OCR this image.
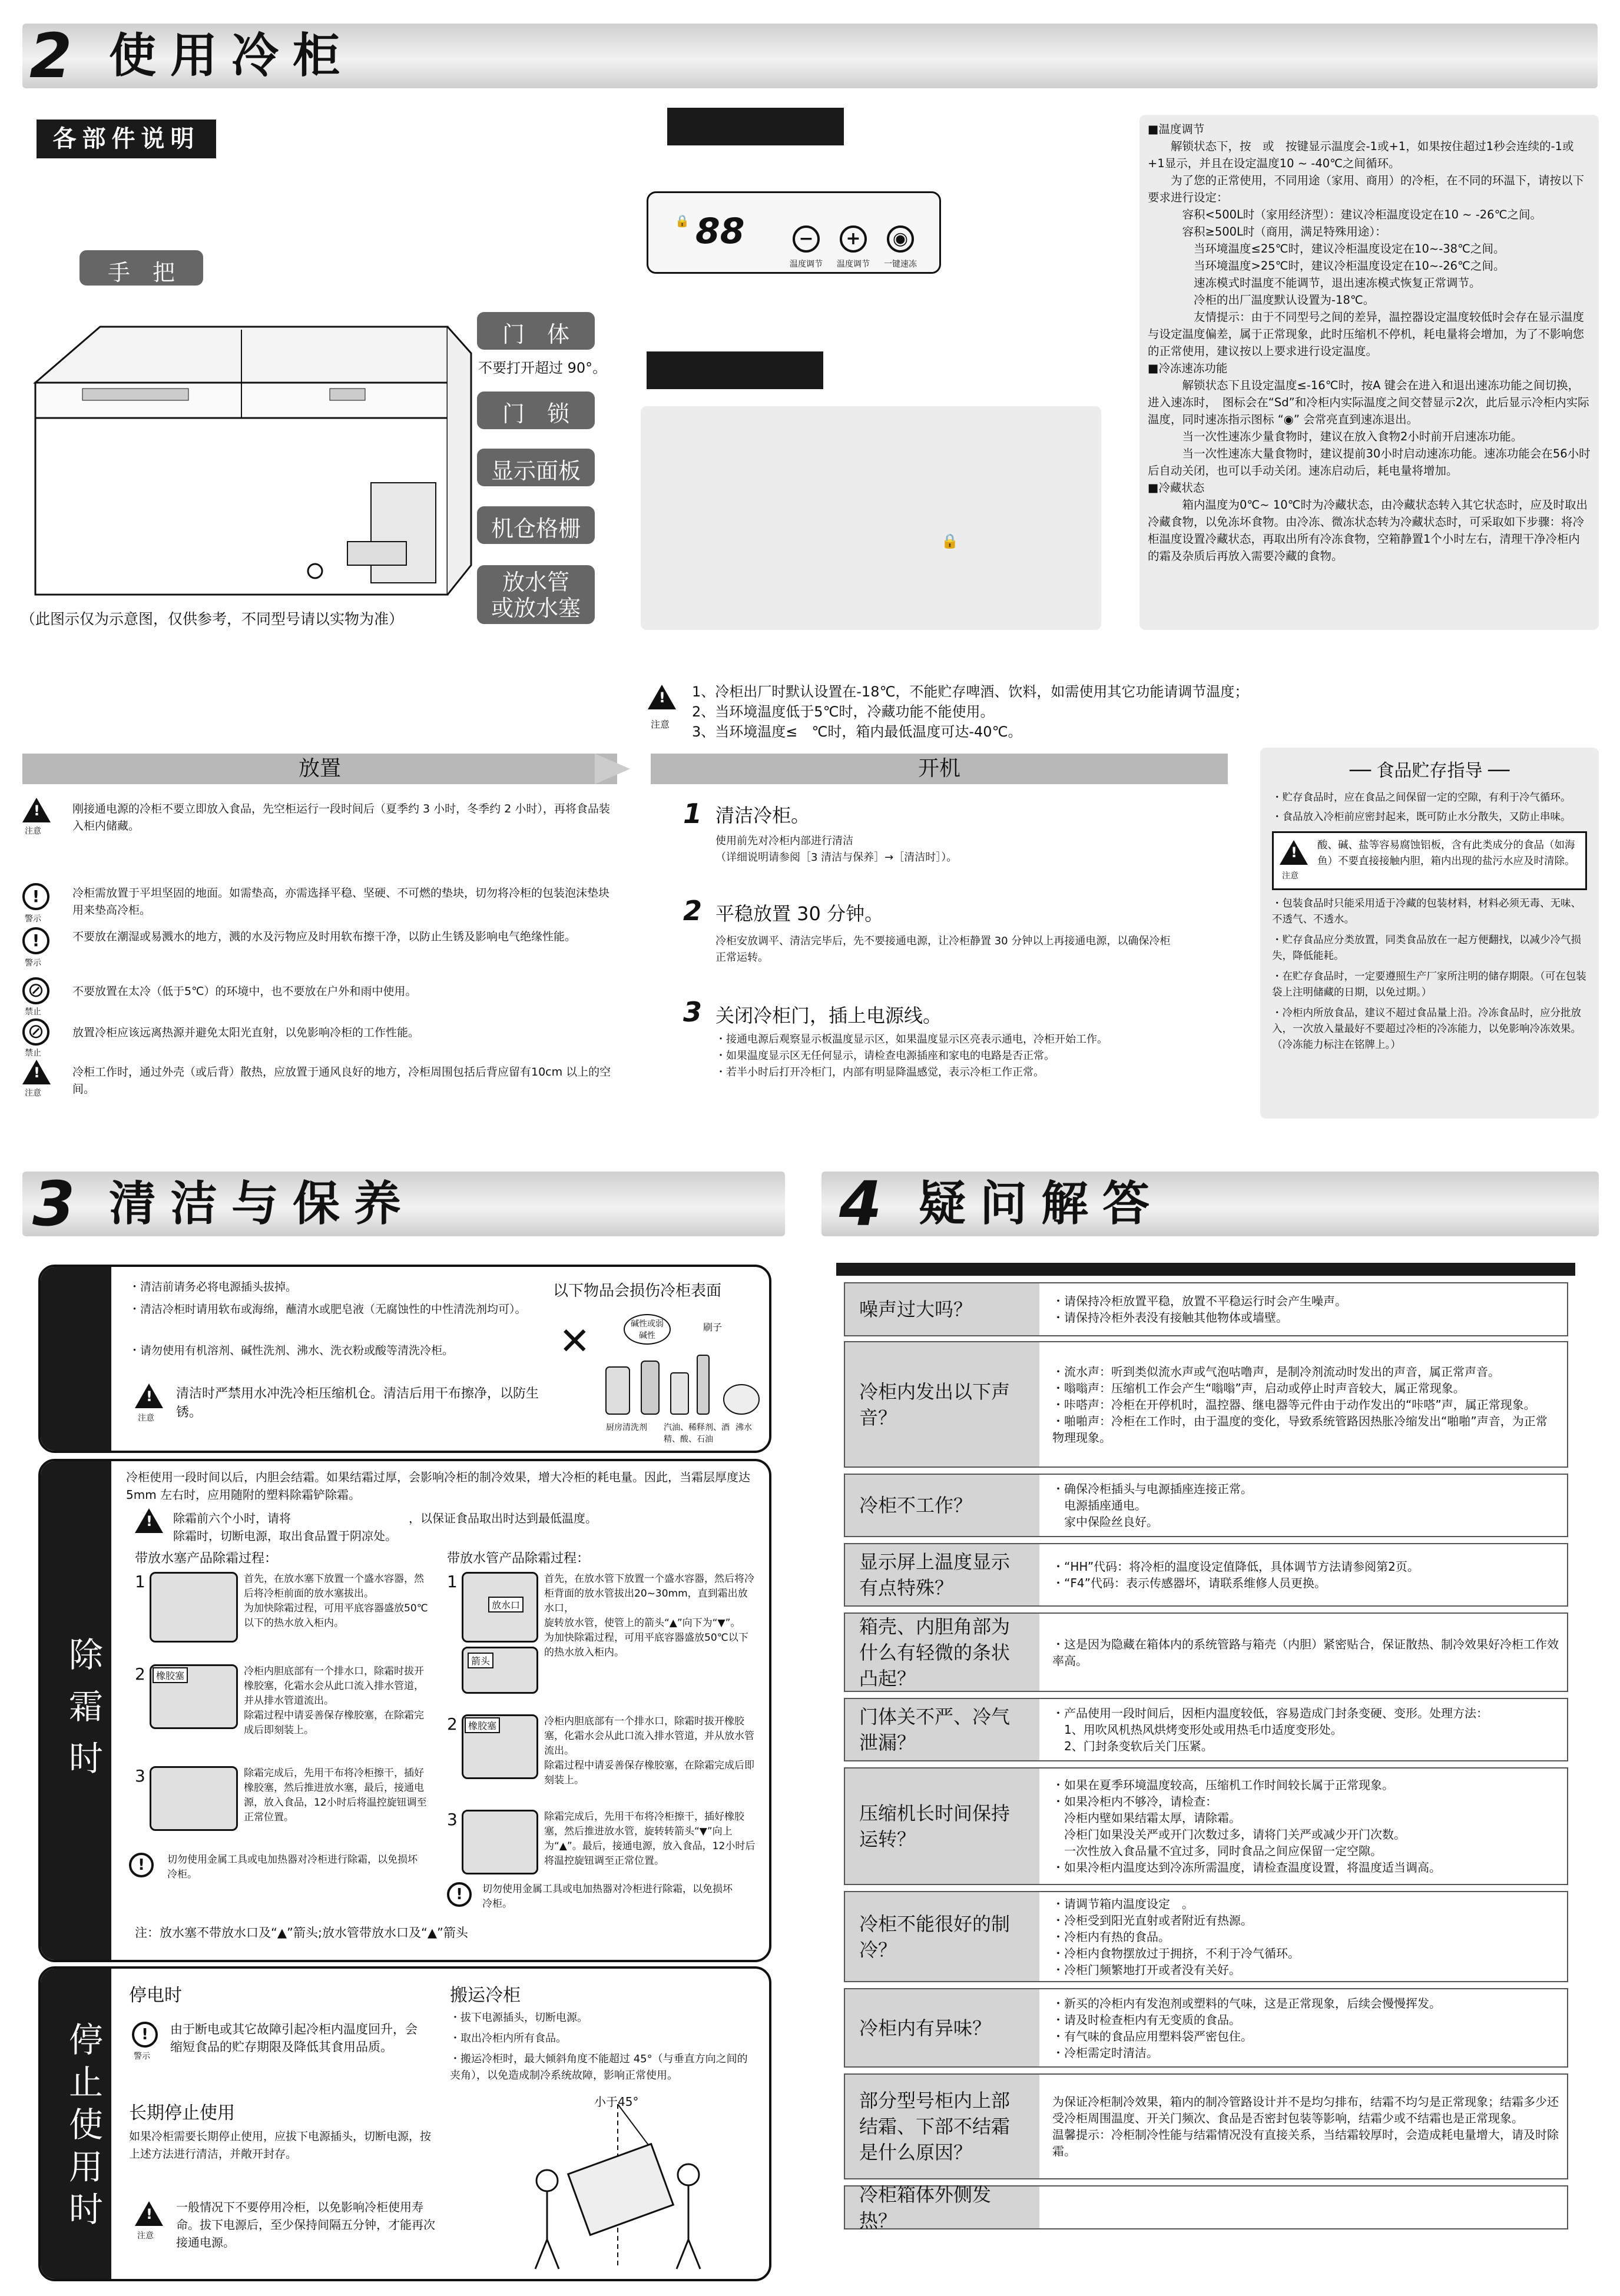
2 使用冷柜
各部件说明
手　把
门　体
不要打开超过 90°。
门　锁
显示面板
机仓格栅
放水管
或放水塞
（此图示仅为示意图，仅供参考，不同型号请以实物为准）
88
🔒
−	+	◉
温度调节 温度调节 一键速冻
🔒
■温度调节
　　解锁状态下，按　或　按键显示温度会-1或+1，如果按住超过1秒会连续的-1或+1显示，并且在设定温度10 ~ -40℃之间循环。
　　为了您的正常使用，不同用途（家用、商用）的冷柜，在不同的环温下，请按以下要求进行设定：
　　　容积<500L时（家用经济型）：建议冷柜温度设定在10 ~ -26℃之间。
　　　容积≥500L时（商用，满足特殊用途）：
　　　　当环境温度≤25℃时，建议冷柜温度设定在10~-38℃之间。
　　　　当环境温度>25℃时，建议冷柜温度设定在10~-26℃之间。
　　　　速冻模式时温度不能调节，退出速冻模式恢复正常调节。
　　　　冷柜的出厂温度默认设置为-18℃。
　　　　友情提示：由于不同型号之间的差异，温控器设定温度较低时会存在显示温度与设定温度偏差，属于正常现象，此时压缩机不停机，耗电量将会增加，为了不影响您的正常使用，建议按以上要求进行设定温度。
■冷冻速冻功能
　　　解锁状态下且设定温度≤-16℃时，按A 键会在进入和退出速冻功能之间切换，进入速冻时，　图标会在“Sd”和冷柜内实际温度之间交替显示2次，此后显示冷柜内实际温度，同时速冻指示图标 “◉” 会常亮直到速冻退出。
　　　当一次性速冻少量食物时，建议在放入食物2小时前开启速冻功能。
　　　当一次性速冻大量食物时，建议提前30小时启动速冻功能。速冻功能会在56小时后自动关闭，也可以手动关闭。速冻启动后，耗电量将增加。
■冷藏状态
　　　箱内温度为0℃~ 10℃时为冷藏状态，由冷藏状态转入其它状态时，应及时取出冷藏食物，以免冻坏食物。由冷冻、微冻状态转为冷藏状态时，可采取如下步骤：将冷柜温度设置冷藏状态，再取出所有冷冻食物，空箱静置1个小时左右，清理干净冷柜内的霜及杂质后再放入需要冷藏的食物。
!
注意
1、冷柜出厂时默认设置在-18℃，不能贮存啤酒、饮料，如需使用其它功能请调节温度；
2、当环境温度低于5℃时，冷藏功能不能使用。
3、当环境温度≤　℃时，箱内最低温度可达-40℃。
放置
!
注意
刚接通电源的冷柜不要立即放入食品，先空柜运行一段时间后（夏季约 3 小时，冬季约 2 小时），再将食品装入柜内储藏。
!
警示
冷柜需放置于平坦坚固的地面。如需垫高，亦需选择平稳、坚硬、不可燃的垫块，切勿将冷柜的包装泡沫垫块用来垫高冷柜。
!
警示
不要放在潮湿或易溅水的地方，溅的水及污物应及时用软布擦干净，以防止生锈及影响电气绝缘性能。
⊘
禁止
不要放置在太冷（低于5℃）的环境中，也不要放在户外和雨中使用。
⊘
禁止
放置冷柜应该远离热源并避免太阳光直射，以免影响冷柜的工作性能。
!
注意
冷柜工作时，通过外壳（或后背）散热，应放置于通风良好的地方，冷柜周围包括后背应留有10cm 以上的空间。
开机
1 清洁冷柜。
使用前先对冷柜内部进行清洁
（详细说明请参阅［3 清洁与保养］→［清洁时］）。
2 平稳放置 30 分钟。
冷柜安放调平、清洁完毕后，先不要接通电源，让冷柜静置 30 分钟以上再接通电源，以确保冷柜正常运转。
3 关闭冷柜门，插上电源线。
・接通电源后观察显示板温度显示区，如果温度显示区亮表示通电，冷柜开始工作。
・如果温度显示区无任何显示，请检查电源插座和家电的电路是否正常。
・若半小时后打开冷柜门，内部有明显降温感觉，表示冷柜工作正常。
── 食品贮存指导 ──
・贮存食品时，应在食品之间保留一定的空隙，有利于冷气循环。
・食品放入冷柜前应密封起来，既可防止水分散失，又防止串味。
!
注意
酸、碱、盐等容易腐蚀铝板，含有此类成分的食品（如海鱼）不要直接接触内胆，箱内出现的盐污水应及时清除。
・包装食品时只能采用适于冷藏的包装材料，材料必须无毒、无味、不透气、不透水。
・贮存食品应分类放置，同类食品放在一起方便翻找，以减少冷气损失，降低能耗。
・在贮存食品时，一定要遵照生产厂家所注明的储存期限。（可在包装袋上注明储藏的日期，以免过期。）
・冷柜内所放食品，建议不超过食品量上沿。冷冻食品时，应分批放入，一次放入量最好不要超过冷柜的冷冻能力，以免影响冷冻效果。（冷冻能力标注在铭牌上。）
3 清洁与保养
・清洁前请务必将电源插头拔掉。
・清洁冷柜时请用软布或海绵，蘸清水或肥皂液（无腐蚀性的中性清洗剂均可）。
・请勿使用有机溶剂、碱性洗剂、沸水、洗衣粉或酸等清洗冷柜。
!
注意
清洁时严禁用水冲洗冷柜压缩机仓。清洁后用干布擦净，以防生锈。
以下物品会损伤冷柜表面
✕	碱性或弱碱性
刷子
厨房清洗剂 汽油、稀释剂、酒精、酸、石油
沸水
除霜时
冷柜使用一段时间以后，内胆会结霜。如果结霜过厚，会影响冷柜的制冷效果，增大冷柜的耗电量。因此，当霜层厚度达 5mm 左右时，应用随附的塑料除霜铲除霜。
!
除霜前六个小时，请将　　　　　　　　　　，以保证食品取出时达到最低温度。
除霜时，切断电源，取出食品置于阴凉处。
带放水塞产品除霜过程：	带放水管产品除霜过程：
1	首先，在放水塞下放置一个盛水容器，然后将冷柜前面的放水塞拔出。
为加快除霜过程，可用平底容器盛放50℃以下的热水放入柜内。
2	橡胶塞	冷柜内胆底部有一个排水口，除霜时拔开橡胶塞，化霜水会从此口流入排水管道，并从排水管道流出。
除霜过程中请妥善保存橡胶塞，在除霜完成后即刻装上。
3	除霜完成后，先用干布将冷柜擦干，插好橡胶塞，然后推进放水塞，最后，接通电源，放入食品，12小时后将温控旋钮调至正常位置。
!	切勿使用金属工具或电加热器对冷柜进行除霜，以免损坏冷柜。
1
放水口
箭头
首先，在放水管下放置一个盛水容器，然后将冷柜背面的放水管拔出20~30mm，直到霜出放水口，
旋转放水管，使管上的箭头“▲”向下为“▼”。
为加快除霜过程，可用平底容器盛放50℃以下的热水放入柜内。
2	橡胶塞	冷柜内胆底部有一个排水口，除霜时拔开橡胶塞，化霜水会从此口流入排水管道，并从放水管流出。
除霜过程中请妥善保存橡胶塞，在除霜完成后即刻装上。
3	除霜完成后，先用干布将冷柜擦干，插好橡胶塞，然后推进放水管，旋转转箭头“▼”向上为“▲”。最后，接通电源，放入食品，12小时后将温控旋钮调至正常位置。
!	切勿使用金属工具或电加热器对冷柜进行除霜，以免损坏冷柜。
注：放水塞不带放水口及“▲”箭头;放水管带放水口及“▲”箭头
停止使用时
停电时
!
警示
由于断电或其它故障引起冷柜内温度回升，会缩短食品的贮存期限及降低其食用品质。
长期停止使用
如果冷柜需要长期停止使用，应拔下电源插头，切断电源，按上述方法进行清洁，并敞开封存。
!
注意
一般情况下不要停用冷柜，以免影响冷柜使用寿命。拔下电源后，至少保持间隔五分钟，才能再次接通电源。
搬运冷柜
・拔下电源插头，切断电源。
・取出冷柜内所有食品。
・搬运冷柜时，最大倾斜角度不能超过 45°（与垂直方向之间的夹角），以免造成制冷系统故障，影响正常使用。
小于45°
4 疑问解答
噪声过大吗？	・请保持冷柜放置平稳，放置不平稳运行时会产生噪声。
・请保持冷柜外表没有接触其他物体或墙壁。
冷柜内发出以下声音？
・流水声：听到类似流水声或气泡咕噜声，是制冷剂流动时发出的声音，属正常声音。
・嗡嗡声：压缩机工作会产生“嗡嗡”声，启动或停止时声音较大，属正常现象。
・咔嗒声：冷柜在开停机时，温控器、继电器等元件由于动作发出的“咔嗒”声，属正常现象。
・啪啪声：冷柜在工作时，由于温度的变化，导致系统管路因热胀冷缩发出“啪啪”声音，为正常物理现象。
冷柜不工作？
・确保冷柜插头与电源插座连接正常。
　电源插座通电。
　家中保险丝良好。
显示屏上温度显示有点特殊？
・“HH”代码：将冷柜的温度设定值降低，具体调节方法请参阅第2页。
・“F4”代码：表示传感器坏，请联系维修人员更换。
箱壳、内胆角部为什么有轻微的条状凸起？
・这是因为隐藏在箱体内的系统管路与箱壳（内胆）紧密贴合，保证散热、制冷效果好冷柜工作效率高。
门体关不严、冷气泄漏？
・产品使用一段时间后，因柜内温度较低，容易造成门封条变硬、变形。处理方法：
　1、用吹风机热风烘烤变形处或用热毛巾适度变形处。
　2、门封条变软后关门压紧。
压缩机长时间保持运转？
・如果在夏季环境温度较高，压缩机工作时间较长属于正常现象。
・如果冷柜内不够冷，请检查：
　冷柜内壁如果结霜太厚，请除霜。
　冷柜门如果没关严或开门次数过多，请将门关严或减少开门次数。
　一次性放入食品量不宜过多，同时食品之间应保留一定空隙。
・如果冷柜内温度达到冷冻所需温度，请检查温度设置，将温度适当调高。
冷柜不能很好的制冷？
・请调节箱内温度设定　。
・冷柜受到阳光直射或者附近有热源。
・冷柜内有热的食品。
・冷柜内食物摆放过于拥挤，不利于冷气循环。
・冷柜门频繁地打开或者没有关好。
冷柜内有异味？
・新买的冷柜内有发泡剂或塑料的气味，这是正常现象，后续会慢慢挥发。
・请及时检查柜内有无变质的食品。
・有气味的食品应用塑料袋严密包住。
・冷柜需定时清洁。
部分型号柜内上部结霜、下部不结霜是什么原因？
为保证冷柜制冷效果，箱内的制冷管路设计并不是均匀排布，结霜不均匀是正常现象；结霜多少还受冷柜周围温度、开关门频次、食品是否密封包装等影响，结霜少或不结霜也是正常现象。
温馨提示：冷柜制冷性能与结霜情况没有直接关系，当结霜较厚时，会造成耗电量增大，请及时除霜。
冷柜箱体外侧发热？
